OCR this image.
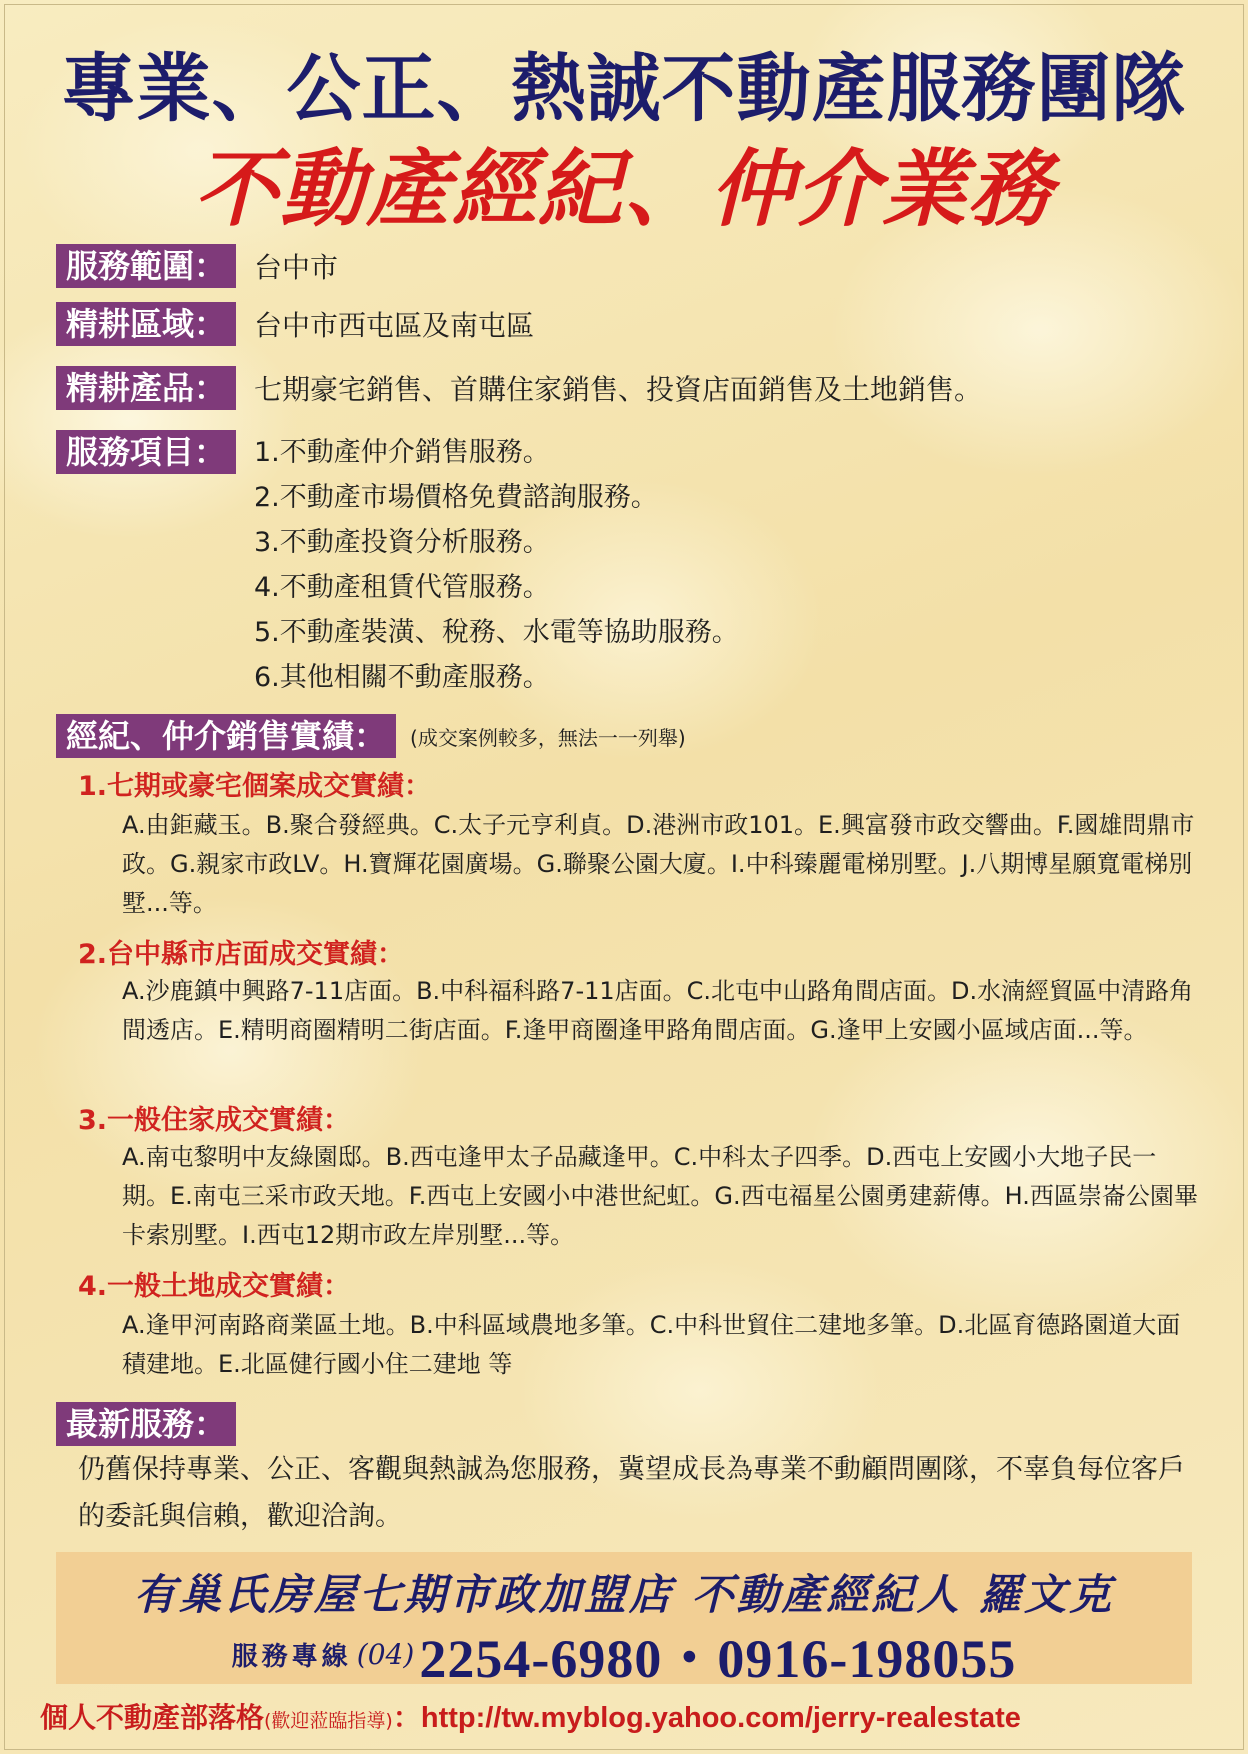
專業、公正、熱誠不動產服務團隊
不動產經紀、仲介業務
服務範圍：	台中市
精耕區域：	台中市西屯區及南屯區
精耕產品：	七期豪宅銷售、首購住家銷售、投資店面銷售及土地銷售。
服務項目：	1.不動產仲介銷售服務。
2.不動產市場價格免費諮詢服務。
3.不動產投資分析服務。
4.不動產租賃代管服務。
5.不動產裝潢、稅務、水電等協助服務。
6.其他相關不動產服務。
經紀、仲介銷售實績：	(成交案例較多，無法一一列舉)
1.七期或豪宅個案成交實績：
A.由鉅藏玉。B.聚合發經典。C.太子元亨利貞。D.港洲市政101。E.興富發市政交響曲。F.國雄問鼎市政。G.親家市政LV。H.寶輝花園廣場。G.聯聚公園大廈。I.中科臻麗電梯別墅。J.八期博星願寬電梯別墅...等。
2.台中縣市店面成交實績：
A.沙鹿鎮中興路7-11店面。B.中科福科路7-11店面。C.北屯中山路角間店面。D.水湳經貿區中清路角間透店。E.精明商圈精明二街店面。F.逢甲商圈逢甲路角間店面。G.逢甲上安國小區域店面...等。
3.一般住家成交實績：
A.南屯黎明中友綠園邸。B.西屯逢甲太子品藏逢甲。C.中科太子四季。D.西屯上安國小大地子民一期。E.南屯三采市政天地。F.西屯上安國小中港世紀虹。G.西屯福星公園勇建薪傳。H.西區崇崙公園畢卡索別墅。I.西屯12期市政左岸別墅...等。
4.一般土地成交實績：
A.逢甲河南路商業區土地。B.中科區域農地多筆。C.中科世貿住二建地多筆。D.北區育德路園道大面積建地。E.北區健行國小住二建地 等
最新服務：
仍舊保持專業、公正、客觀與熱誠為您服務，冀望成長為專業不動顧問團隊，不辜負每位客戶的委託與信賴，歡迎洽詢。
有巢氏房屋七期市政加盟店 不動產經紀人 羅文克
服務專線 (04) 2254-6980・0916-198055
個人不動產部落格(歡迎蒞臨指導)：http://tw.myblog.yahoo.com/jerry-realestate
